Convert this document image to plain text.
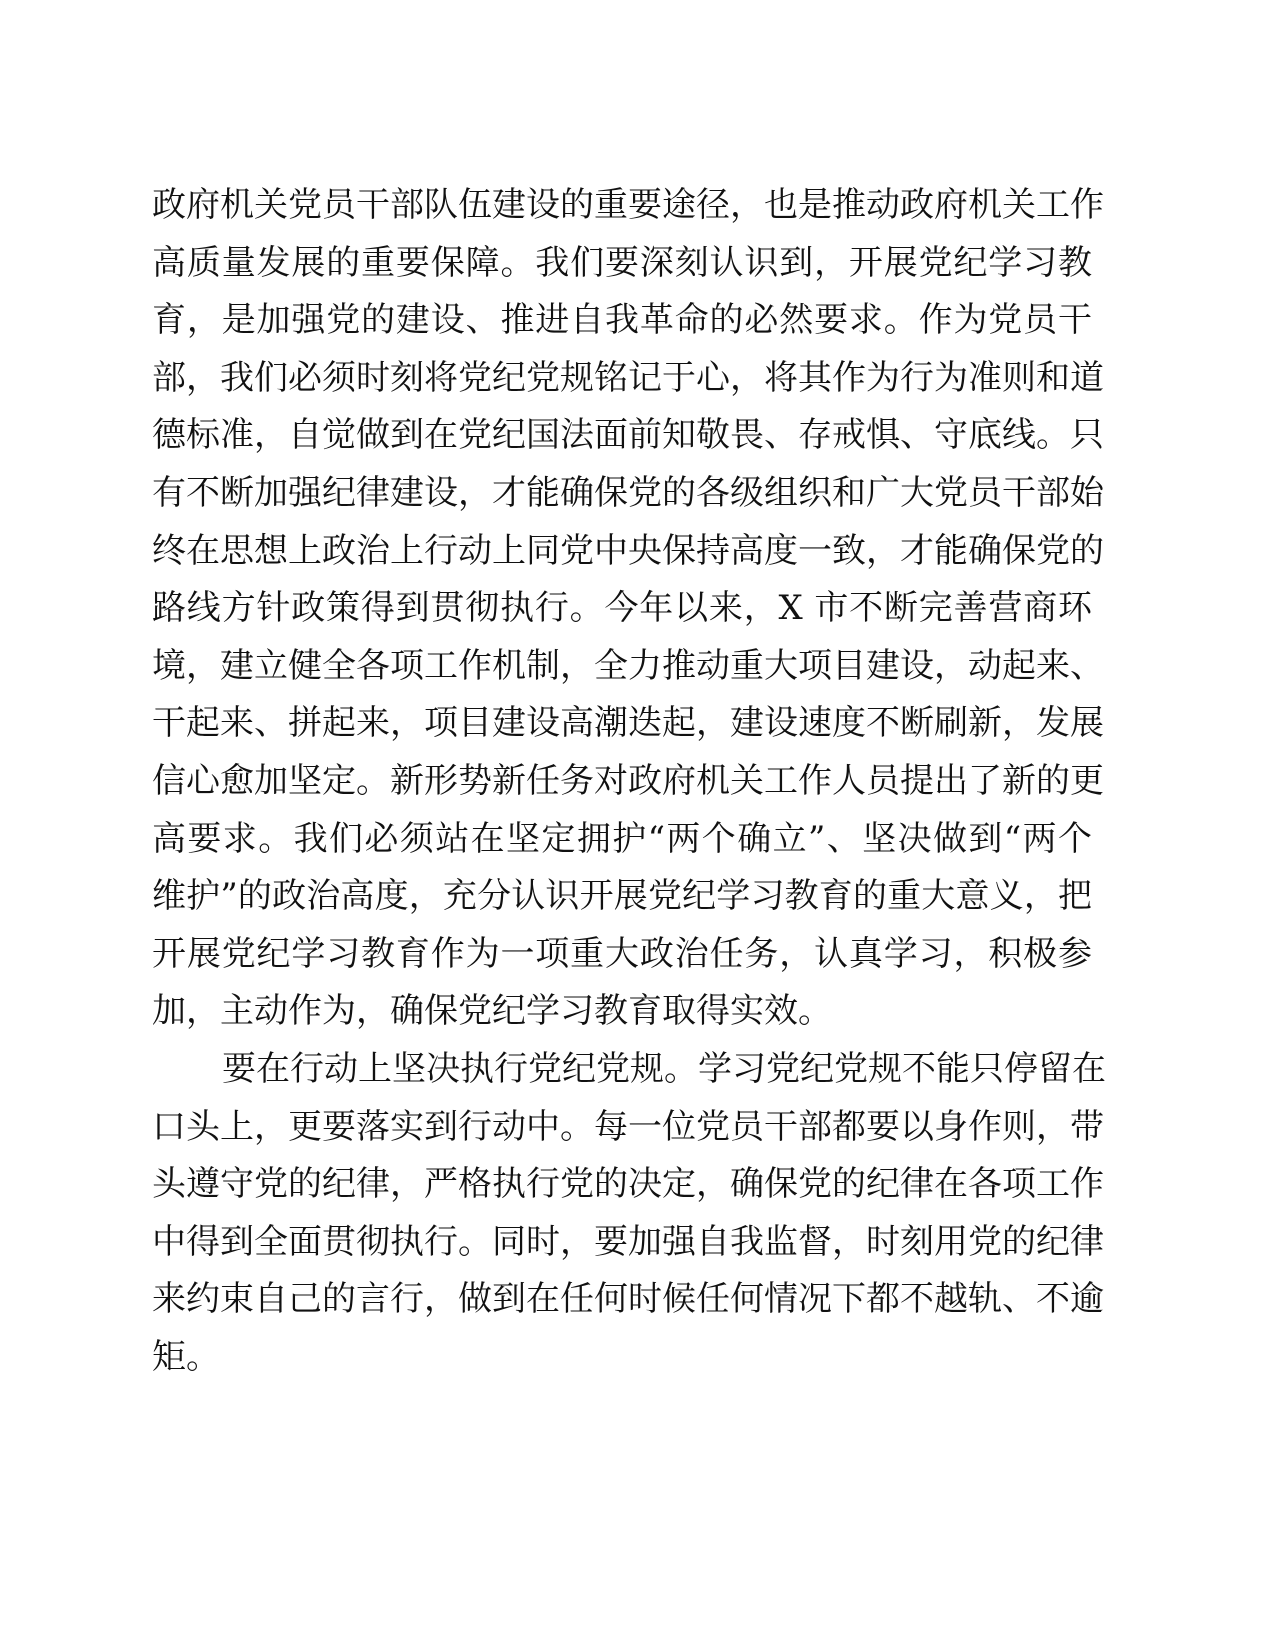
政府机关党员干部队伍建设的重要途径，也是推动政府机关工作
高质量发展的重要保障。我们要深刻认识到，开展党纪学习教
育，是加强党的建设、推进自我革命的必然要求。作为党员干
部，我们必须时刻将党纪党规铭记于心，将其作为行为准则和道
德标准，自觉做到在党纪国法面前知敬畏、存戒惧、守底线。只
有不断加强纪律建设，才能确保党的各级组织和广大党员干部始
终在思想上政治上行动上同党中央保持高度一致，才能确保党的
路线方针政策得到贯彻执行。今年以来，X 市不断完善营商环
境，建立健全各项工作机制，全力推动重大项目建设，动起来、
干起来、拼起来，项目建设高潮迭起，建设速度不断刷新，发展
信心愈加坚定。新形势新任务对政府机关工作人员提出了新的更
高要求。我们必须站在坚定拥护“两个确立”、坚决做到“两个
维护”的政治高度，充分认识开展党纪学习教育的重大意义，把
开展党纪学习教育作为一项重大政治任务，认真学习，积极参
加，主动作为，确保党纪学习教育取得实效。
要在行动上坚决执行党纪党规。学习党纪党规不能只停留在
口头上，更要落实到行动中。每一位党员干部都要以身作则，带
头遵守党的纪律，严格执行党的决定，确保党的纪律在各项工作
中得到全面贯彻执行。同时，要加强自我监督，时刻用党的纪律
来约束自己的言行，做到在任何时候任何情况下都不越轨、不逾
矩。
